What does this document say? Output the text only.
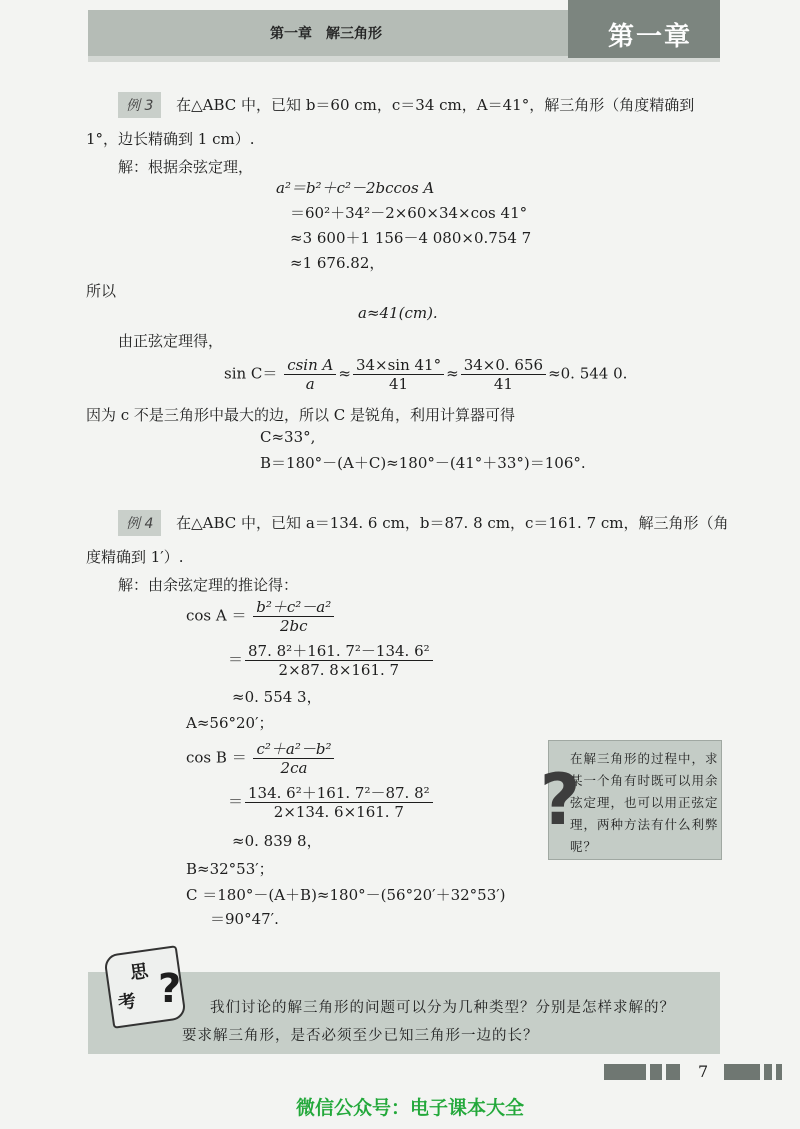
第一章　解三角形	第一章
例 3 在△ABC 中，已知 b＝60 cm，c＝34 cm，A＝41°，解三角形（角度精确到
1°，边长精确到 1 cm）.
解：根据余弦定理，
a²＝b²＋c²－2bccos A
＝60²＋34²－2×60×34×cos 41°
≈3 600＋1 156－4 080×0.754 7
≈1 676.82，
所以
a≈41(cm).
由正弦定理得，
$\sin C= \frac{\text{csin A}}{a} \approx \frac{34\times\sin 41^\circ}{41} \approx \frac{34\times 0. 656}{41} \approx 0$. 544 0.
因为 c 不是三角形中最大的边，所以 C 是锐角，利用计算器可得
C≈33°,
B＝180°－(A＋C)≈180°－(41°＋33°)＝106°.
例 4 在△ABC 中，已知 a＝134. 6 cm，b＝87. 8 cm，c＝161. 7 cm，解三角形（角
度精确到 1′）.
解：由余弦定理的推论得：
$\cos A = \frac{\text{b²＋c²－a²}}{2bc}$
＝ $\frac{\text{87. 8²＋161. 7²－134. 6²}}{2\times 87. 8\times 161. 7}$
≈0. 554 3，
A≈56°20′；
$\cos B = \frac{\text{c²＋a²－b²}}{2ca}$
＝ $\frac{\text{134. 6²＋161. 7²－87. 8²}}{2\times 134. 6\times 161. 7}$
≈0. 839 8，
B≈32°53′；
C ＝180°－(A＋B)≈180°－(56°20′＋32°53′)
＝90°47′.
在解三角形的过程中，求某一个角有时既可以用余弦定理，也可以用正弦定理，两种方法有什么利弊呢？
?
思
考 ? 我们讨论的解三角形的问题可以分为几种类型？分别是怎样求解的？
要求解三角形，是否必须至少已知三角形一边的长？
7
微信公众号：电子课本大全
